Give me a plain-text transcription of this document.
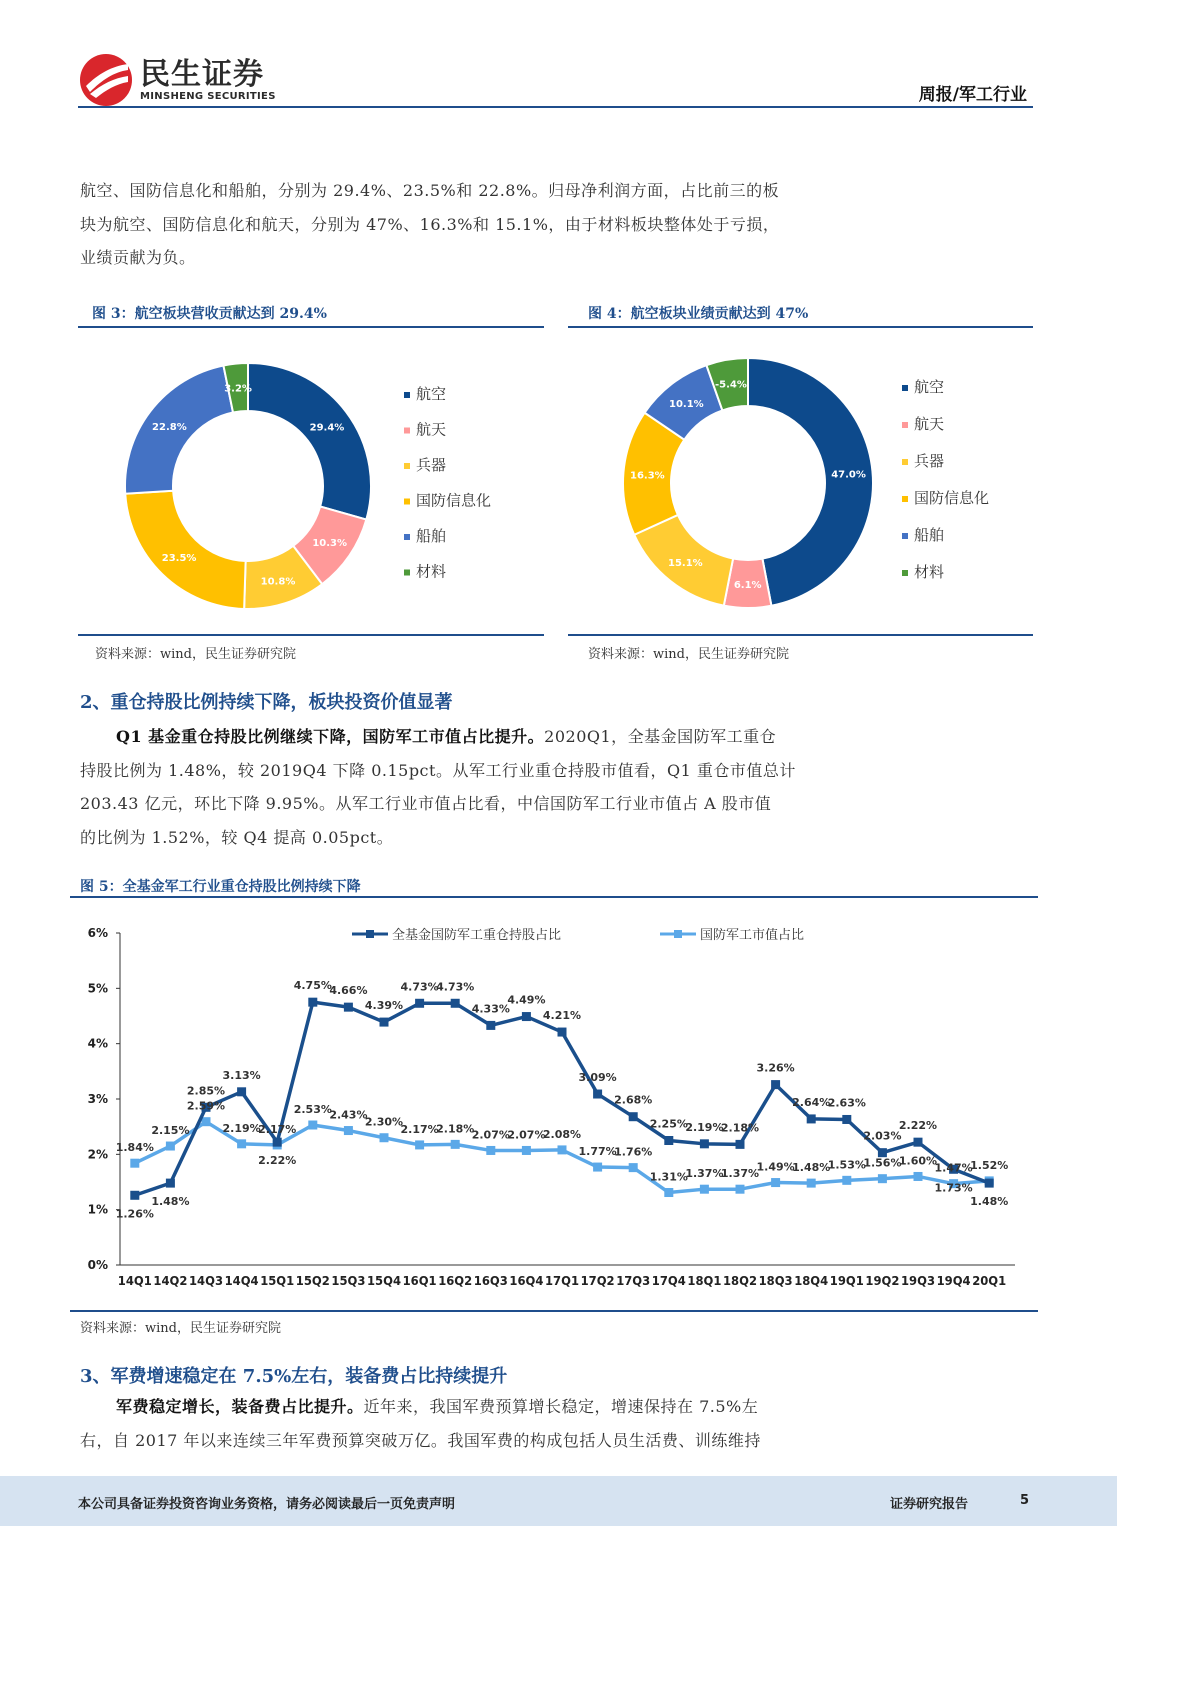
民生证券
MINSHENG SECURITIES	周报/军工行业
航空、国防信息化和船舶，分别为 29.4%、23.5%和 22.8%。归母净利润方面，占比前三的板
块为航空、国防信息化和航天，分别为 47%、16.3%和 15.1%，由于材料板块整体处于亏损，
业绩贡献为负。
图 3：航空板块营收贡献达到 29.4%
29.4%
10.3%
10.8%
23.5%
22.8%
3.2%	航空
航天
兵器
国防信息化
船舶
材料
资料来源：wind，民生证券研究院
图 4：航空板块业绩贡献达到 47%
47.0%
6.1%
15.1%
16.3%
10.1%
-5.4%	航空
航天
兵器
国防信息化
船舶
材料
资料来源：wind，民生证券研究院
2、重仓持股比例持续下降，板块投资价值显著
Q1 基金重仓持股比例继续下降，国防军工市值占比提升。2020Q1，全基金国防军工重仓
持股比例为 1.48%，较 2019Q4 下降 0.15pct。从军工行业重仓持股市值看，Q1 重仓市值总计
203.43 亿元，环比下降 9.95%。从军工行业市值占比看，中信国防军工行业市值占 A 股市值
的比例为 1.52%，较 Q4 提高 0.05pct。
图 5：全基金军工行业重仓持股比例持续下降
0%
1%
2%
3%
4%
5%
6%
14Q1 14Q2 14Q3 14Q4 15Q1 15Q2 15Q3 15Q4 16Q1 16Q2 16Q3 16Q4 17Q1 17Q2 17Q3 17Q4 18Q1 18Q2 18Q3 18Q4 19Q1 19Q2 19Q3 19Q4 20Q1
全基金国防军工重仓持股占比	国防军工市值占比
1.26%
1.48%
2.85%
3.13%
2.22%
4.75%
4.66%
4.39%
4.73%
4.73%
4.33%
4.49%
4.21%
3.09%
2.68%
2.25%
2.19%
2.18%
3.26%
2.64%
2.63%
2.03%
2.22%
1.73%
1.48%
1.84%
2.15%
2.59%
2.19%
2.17%
2.53%
2.43%
2.30%
2.17%
2.18%
2.07%
2.07%
2.08%
1.77%
1.76%
1.31%
1.37%
1.37%
1.49%
1.48%
1.53%
1.56%
1.60%
1.47%
1.52%
资料来源：wind，民生证券研究院
3、军费增速稳定在 7.5%左右，装备费占比持续提升
军费稳定增长，装备费占比提升。近年来，我国军费预算增长稳定，增速保持在 7.5%左
右，自 2017 年以来连续三年军费预算突破万亿。我国军费的构成包括人员生活费、训练维持
本公司具备证券投资咨询业务资格，请务必阅读最后一页免责声明	证券研究报告	5
